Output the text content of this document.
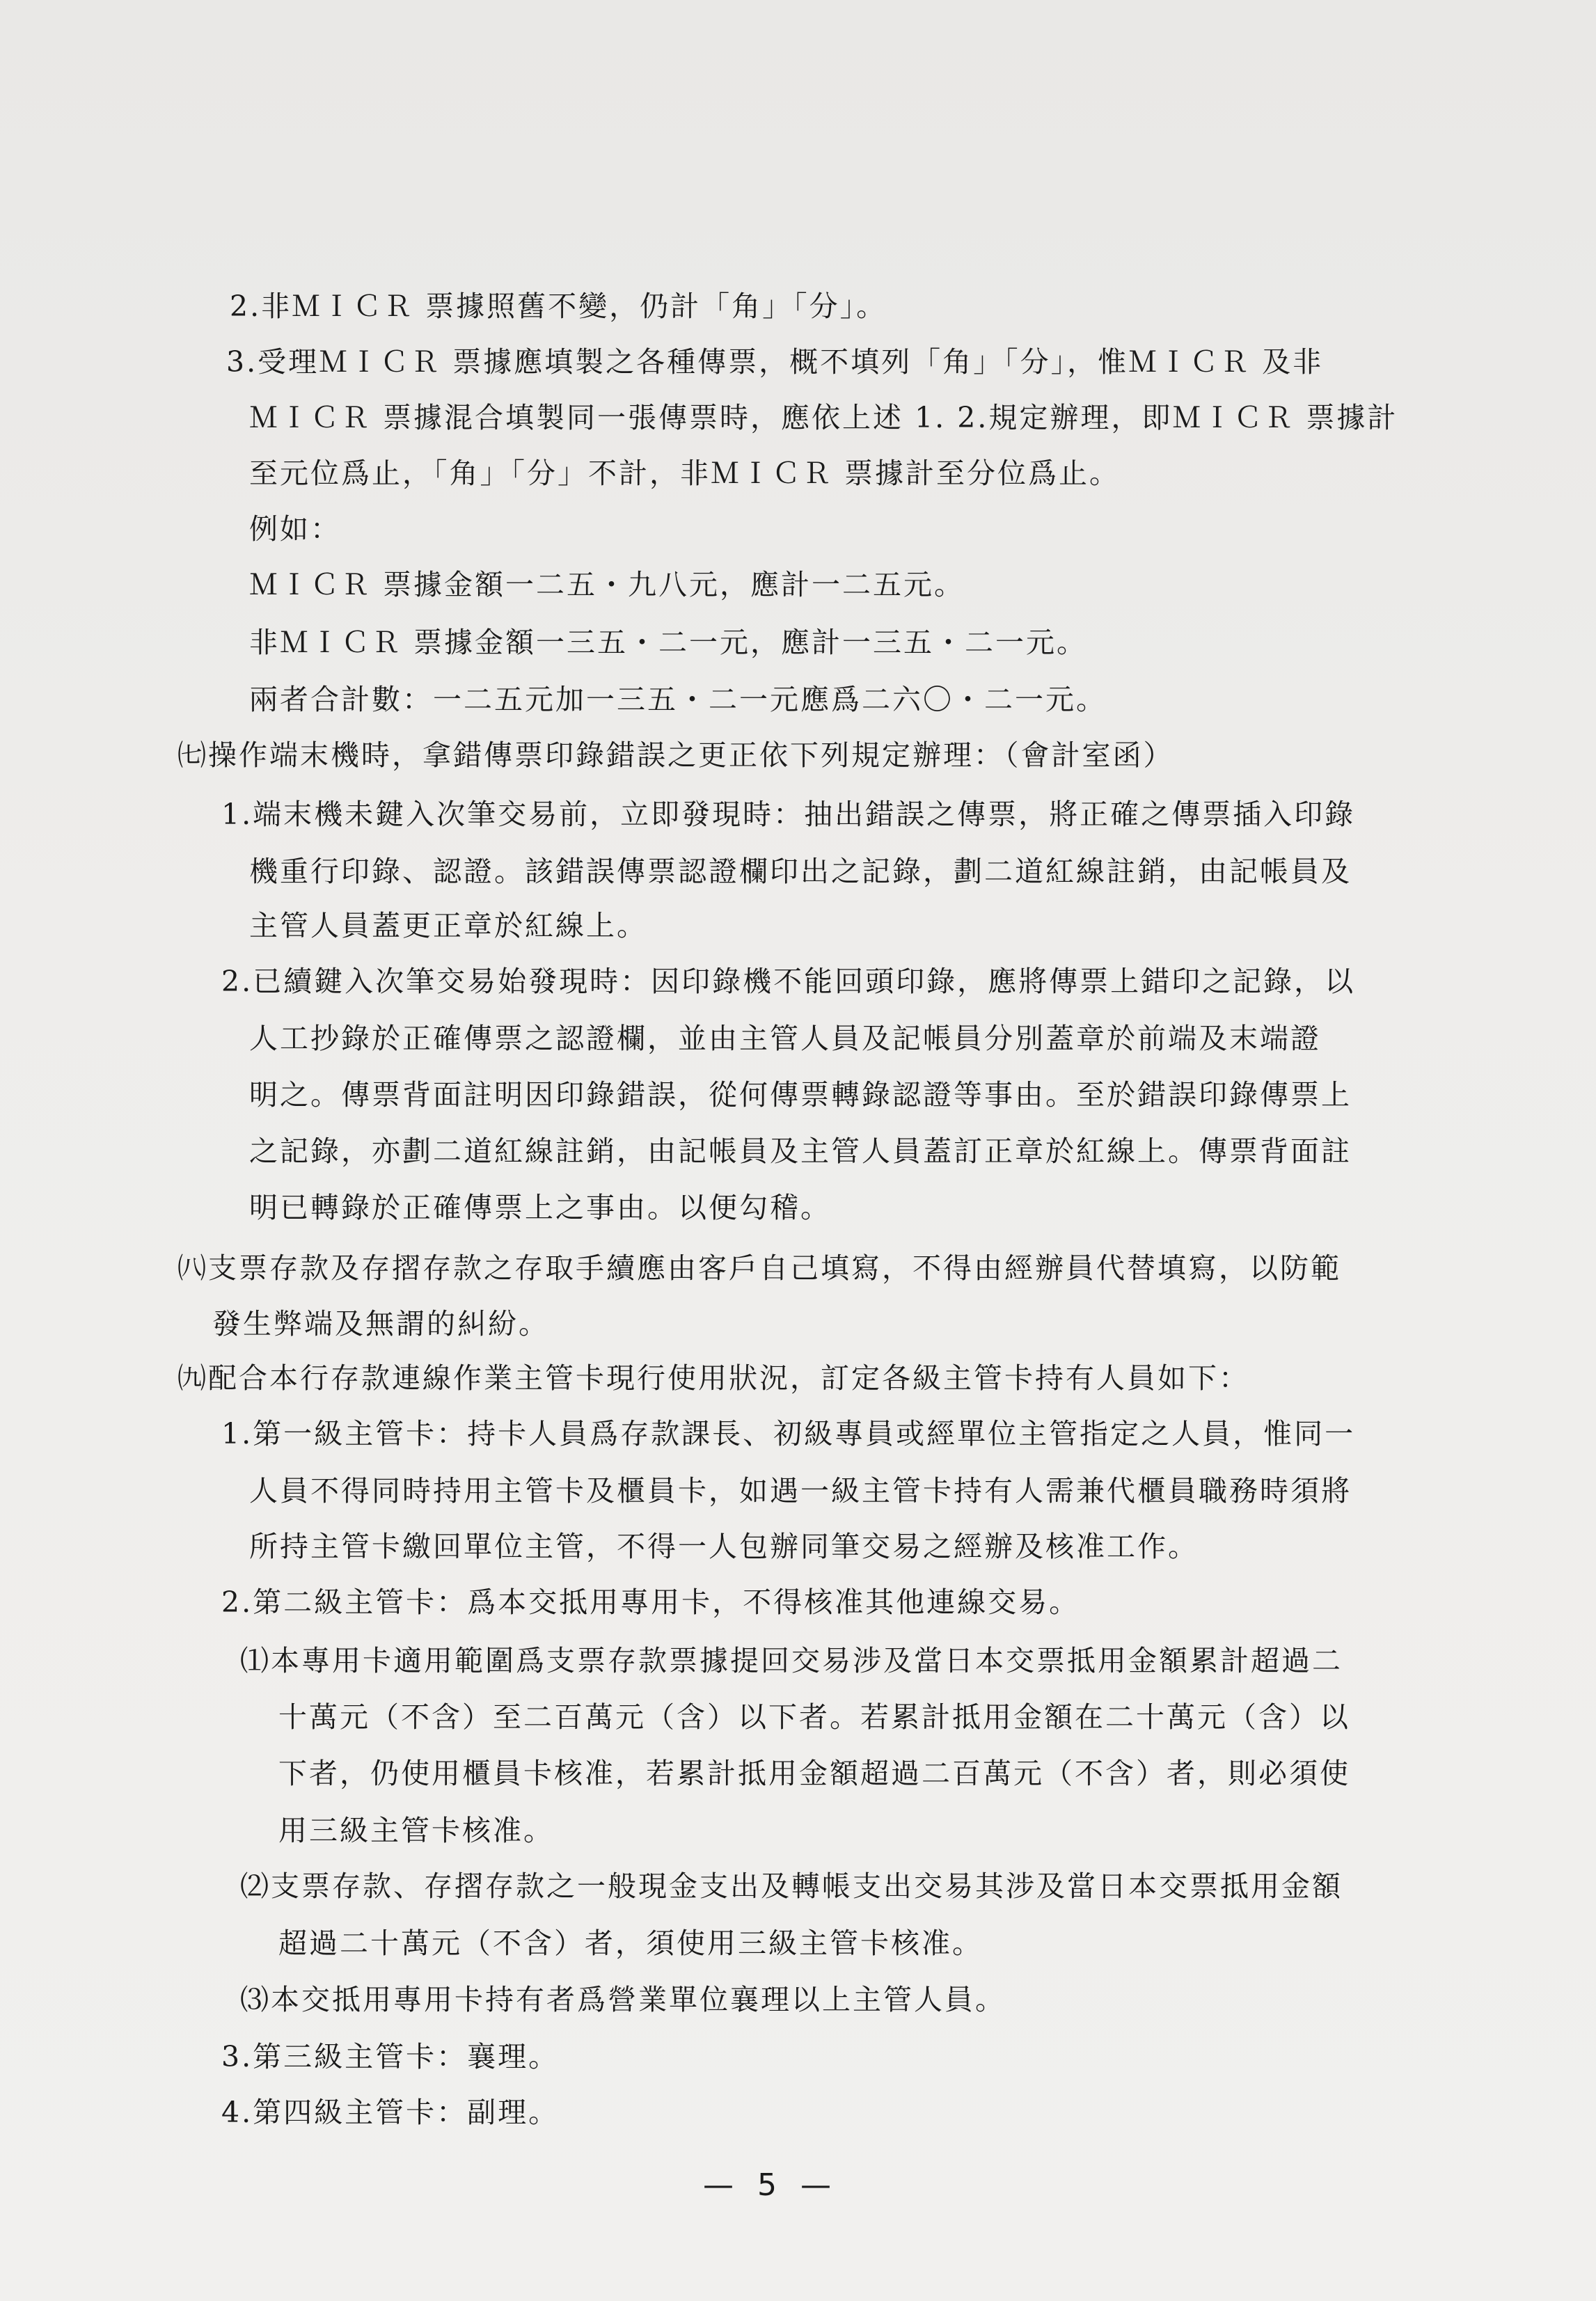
2.非ＭＩＣＲ 票據照舊不變，仍計「角」「分」。
3.受理ＭＩＣＲ 票據應填製之各種傳票，概不填列「角」「分」，惟ＭＩＣＲ 及非
ＭＩＣＲ 票據混合填製同一張傳票時，應依上述 1. 2.規定辦理，即ＭＩＣＲ 票據計
至元位爲止，「角」「分」不計，非ＭＩＣＲ 票據計至分位爲止。
例如：
ＭＩＣＲ 票據金額一二五・九八元，應計一二五元。
非ＭＩＣＲ 票據金額一三五・二一元，應計一三五・二一元。
兩者合計數：一二五元加一三五・二一元應爲二六〇・二一元。
㈦操作端末機時，拿錯傳票印錄錯誤之更正依下列規定辦理：（會計室函）
1.端末機未鍵入次筆交易前，立即發現時：抽出錯誤之傳票，將正確之傳票插入印錄
機重行印錄、認證。該錯誤傳票認證欄印出之記錄，劃二道紅線註銷，由記帳員及
主管人員蓋更正章於紅線上。
2.已續鍵入次筆交易始發現時：因印錄機不能回頭印錄，應將傳票上錯印之記錄，以
人工抄錄於正確傳票之認證欄，並由主管人員及記帳員分別蓋章於前端及末端證
明之。傳票背面註明因印錄錯誤，從何傳票轉錄認證等事由。至於錯誤印錄傳票上
之記錄，亦劃二道紅線註銷，由記帳員及主管人員蓋訂正章於紅線上。傳票背面註
明已轉錄於正確傳票上之事由。以便勾稽。
㈧支票存款及存摺存款之存取手續應由客戶自己填寫，不得由經辦員代替填寫，以防範
發生弊端及無謂的糾紛。
㈨配合本行存款連線作業主管卡現行使用狀況，訂定各級主管卡持有人員如下：
1.第一級主管卡：持卡人員爲存款課長、初級專員或經單位主管指定之人員，惟同一
人員不得同時持用主管卡及櫃員卡，如遇一級主管卡持有人需兼代櫃員職務時須將
所持主管卡繳回單位主管，不得一人包辦同筆交易之經辦及核准工作。
2.第二級主管卡：爲本交抵用專用卡，不得核准其他連線交易。
⑴本專用卡適用範圍爲支票存款票據提回交易涉及當日本交票抵用金額累計超過二
十萬元（不含）至二百萬元（含）以下者。若累計抵用金額在二十萬元（含）以
下者，仍使用櫃員卡核准，若累計抵用金額超過二百萬元（不含）者，則必須使
用三級主管卡核准。
⑵支票存款、存摺存款之一般現金支出及轉帳支出交易其涉及當日本交票抵用金額
超過二十萬元（不含）者，須使用三級主管卡核准。
⑶本交抵用專用卡持有者爲營業單位襄理以上主管人員。
3.第三級主管卡：襄理。
4.第四級主管卡：副理。
— 5 —
